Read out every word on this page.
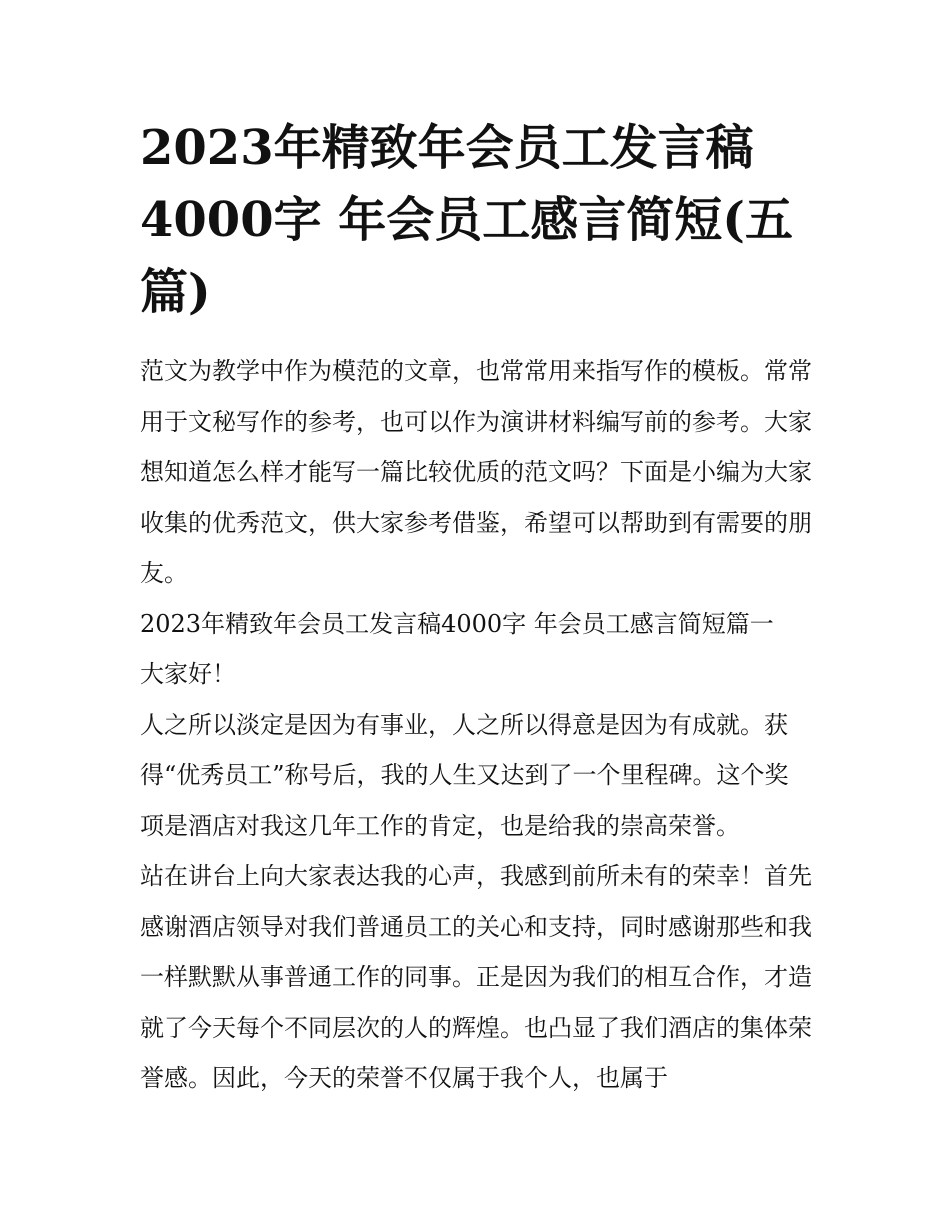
2023年精致年会员工发言稿4000字 年会员工感言简短(五篇)

范文为教学中作为模范的文章，也常常用来指写作的模板。常常用于文秘写作的参考，也可以作为演讲材料编写前的参考。大家想知道怎么样才能写一篇比较优质的范文吗？下面是小编为大家收集的优秀范文，供大家参考借鉴，希望可以帮助到有需要的朋友。

2023年精致年会员工发言稿4000字 年会员工感言简短篇一

大家好！

人之所以淡定是因为有事业，人之所以得意是因为有成就。获得“优秀员工”称号后，我的人生又达到了一个里程碑。这个奖项是酒店对我这几年工作的肯定，也是给我的崇高荣誉。

站在讲台上向大家表达我的心声，我感到前所未有的荣幸！首先感谢酒店领导对我们普通员工的关心和支持，同时感谢那些和我一样默默从事普通工作的同事。正是因为我们的相互合作，才造就了今天每个不同层次的人的辉煌。也凸显了我们酒店的集体荣誉感。因此，今天的荣誉不仅属于我个人，也属于
